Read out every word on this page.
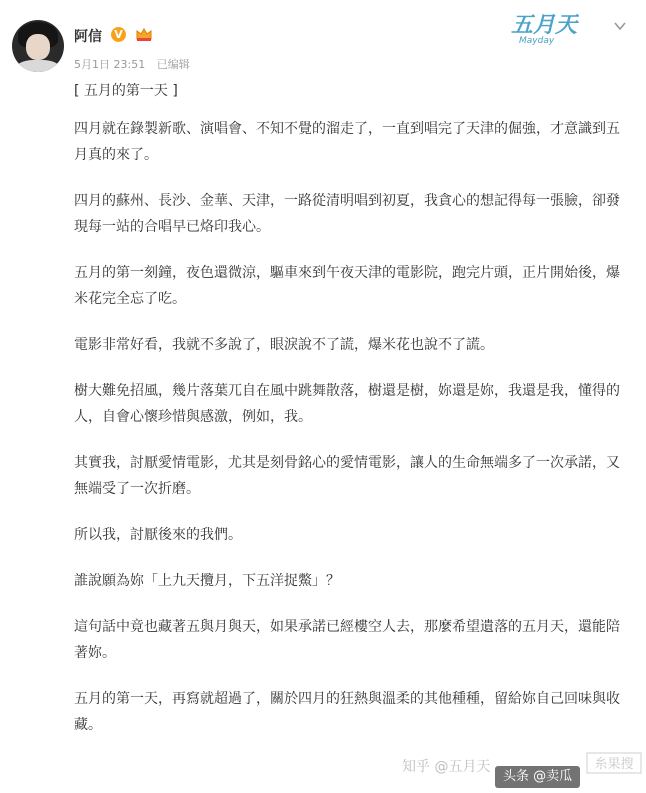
阿信 V
5月1日 23:51 已编辑
五月天
Mayday

[ 五月的第一天 ]

四月就在錄製新歌、演唱會、不知不覺的溜走了，一直到唱完了天津的倔強，才意識到五月真的來了。

四月的蘇州、長沙、金華、天津，一路從清明唱到初夏，我貪心的想記得每一張臉，卻發現每一站的合唱早已烙印我心。

五月的第一刻鐘，夜色還微涼，驅車來到午夜天津的電影院，跑完片頭，正片開始後，爆米花完全忘了吃。

電影非常好看，我就不多說了，眼淚說不了謊，爆米花也說不了謊。

樹大難免招風，幾片落葉兀自在風中跳舞散落，樹還是樹，妳還是妳，我還是我，懂得的人，自會心懷珍惜與感激，例如，我。

其實我，討厭愛情電影，尤其是刻骨銘心的愛情電影，讓人的生命無端多了一次承諾，又無端受了一次折磨。

所以我，討厭後來的我們。

誰說願為妳「上九天攬月，下五洋捉鱉」？

這句話中竟也藏著五與月與天，如果承諾已經樓空人去，那麼希望遺落的五月天，還能陪著妳。

五月的第一天，再寫就超過了，關於四月的狂熱與溫柔的其他種種，留給妳自己回味與收藏。

知乎 @五月天	糸果搜
头条 @卖瓜
